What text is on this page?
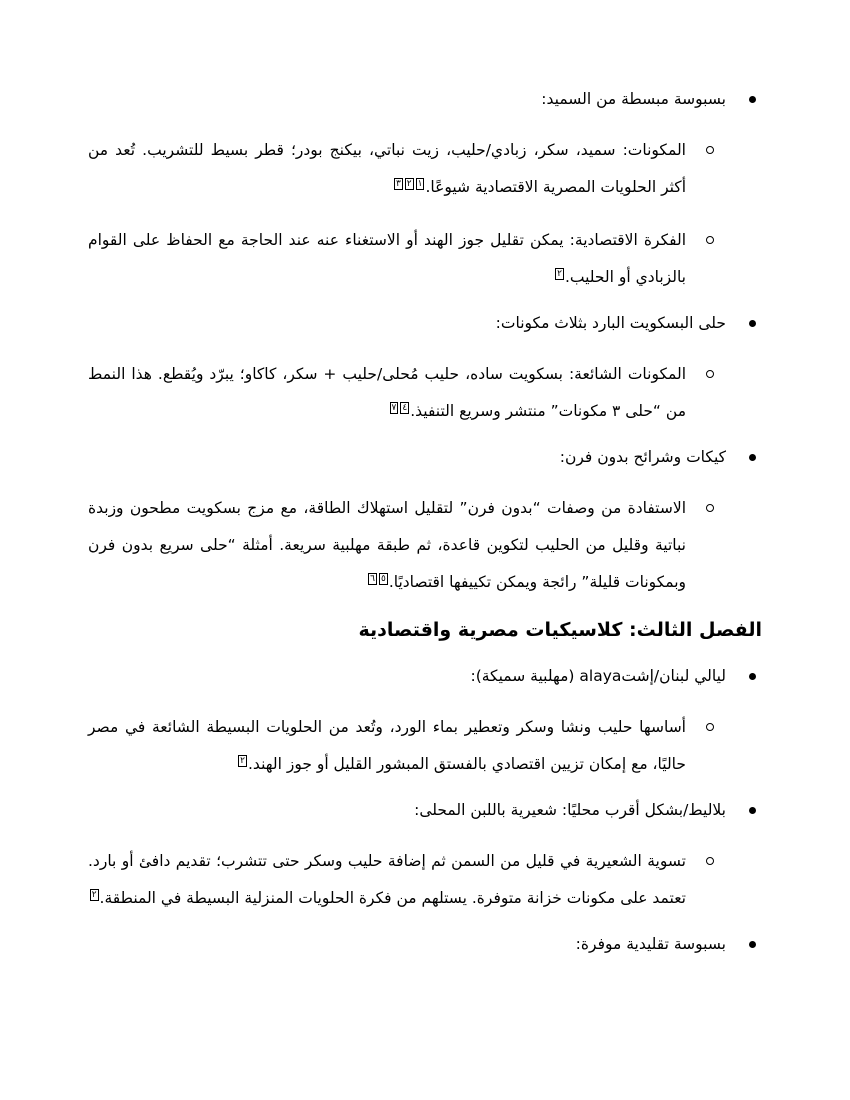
بسبوسة مبسطة من السميد:
المكونات: سميد، سكر، زبادي/حليب، زيت نباتي، بيكنج بودر؛ قطر بسيط للتشريب. تُعد من أكثر الحلويات المصرية الاقتصادية شيوعًا.١٢٣
الفكرة الاقتصادية: يمكن تقليل جوز الهند أو الاستغناء عنه عند الحاجة مع الحفاظ على القوام بالزبادي أو الحليب.٢
حلى البسكويت البارد بثلاث مكونات:
المكونات الشائعة: بسكويت ساده، حليب مُحلى/حليب + سكر، كاكاو؛ يبرّد ويُقطع. هذا النمط من “حلى ٣ مكونات” منتشر وسريع التنفيذ.٤٧
كيكات وشرائح بدون فرن:
الاستفادة من وصفات “بدون فرن” لتقليل استهلاك الطاقة، مع مزج بسكويت مطحون وزبدة نباتية وقليل من الحليب لتكوين قاعدة، ثم طبقة مهلبية سريعة. أمثلة “حلى سريع بدون فرن وبمكونات قليلة” رائجة ويمكن تكييفها اقتصاديًا.٥٦
الفصل الثالث: كلاسيكيات مصرية واقتصادية
ليالي لبنان/إشتalaya (مهلبية سميكة):
أساسها حليب ونشا وسكر وتعطير بماء الورد، وتُعد من الحلويات البسيطة الشائعة في مصر حاليًا، مع إمكان تزيين اقتصادي بالفستق المبشور القليل أو جوز الهند.٢
بلاليط/بشكل أقرب محليًا: شعيرية باللبن المحلى:
تسوية الشعيرية في قليل من السمن ثم إضافة حليب وسكر حتى تتشرب؛ تقديم دافئ أو بارد. تعتمد على مكونات خزانة متوفرة. يستلهم من فكرة الحلويات المنزلية البسيطة في المنطقة.٢
بسبوسة تقليدية موفرة:
